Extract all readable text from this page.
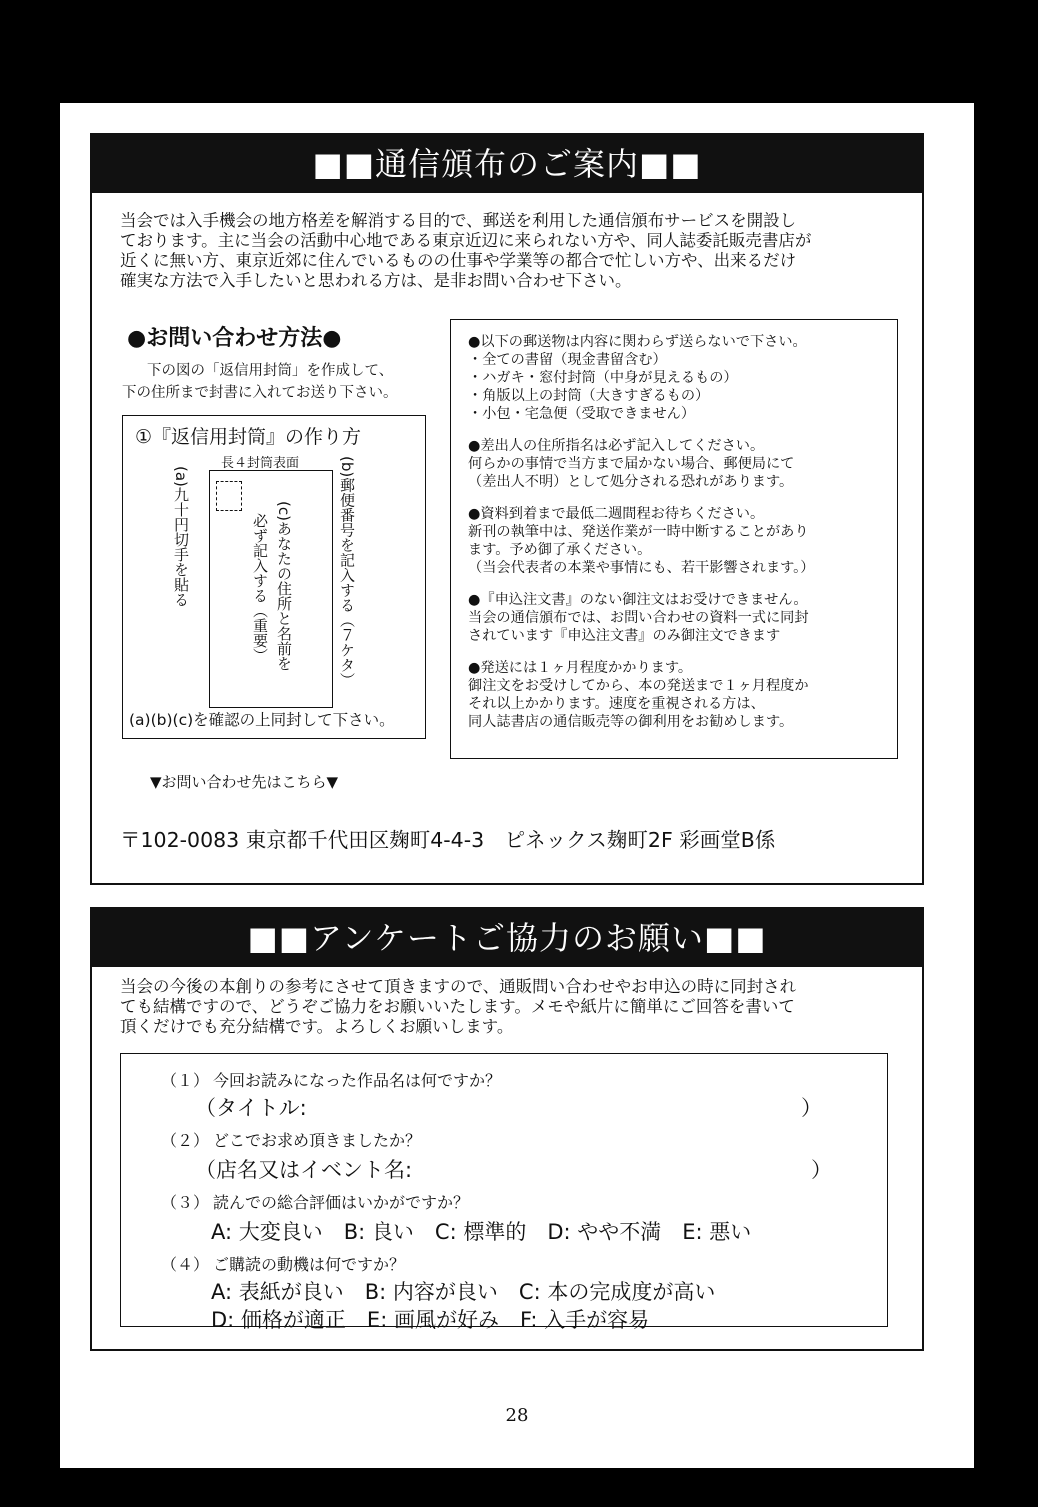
■■通信頒布のご案内■■
当会では入手機会の地方格差を解消する目的で、郵送を利用した通信頒布サービスを開設し
ております。主に当会の活動中心地である東京近辺に来られない方や、同人誌委託販売書店が
近くに無い方、東京近郊に住んでいるものの仕事や学業等の都合で忙しい方や、出来るだけ
確実な方法で入手したいと思われる方は、是非お問い合わせ下さい。
●お問い合わせ方法●
下の図の「返信用封筒」を作成して、
下の住所まで封書に入れてお送り下さい。
①『返信用封筒』の作り方
長４封筒表面
(c)あなたの住所と名前を
必ず記入する（重要）
(a)九十円切手を貼る	(b)郵便番号を記入する（７ケタ）
(a)(b)(c)を確認の上同封して下さい。
▼お問い合わせ先はこちら▼
●以下の郵送物は内容に関わらず送らないで下さい。
・全ての書留（現金書留含む）
・ハガキ・窓付封筒（中身が見えるもの）
・角版以上の封筒（大きすぎるもの）
・小包・宅急便（受取できません）
●差出人の住所指名は必ず記入してください。
何らかの事情で当方まで届かない場合、郵便局にて
（差出人不明）として処分される恐れがあります。
●資料到着まで最低二週間程お待ちください。
新刊の執筆中は、発送作業が一時中断することがあり
ます。予め御了承ください。
（当会代表者の本業や事情にも、若干影響されます。）
●『申込注文書』のない御注文はお受けできません。
当会の通信頒布では、お問い合わせの資料一式に同封
されています『申込注文書』のみ御注文できます
●発送には１ヶ月程度かかります。
御注文をお受けしてから、本の発送まで１ヶ月程度か
それ以上かかります。速度を重視される方は、
同人誌書店の通信販売等の御利用をお勧めします。
〒102-0083 東京都千代田区麹町4-4-3　ピネックス麹町2F 彩画堂B係
■■アンケートご協力のお願い■■
当会の今後の本創りの参考にさせて頂きますので、通販問い合わせやお申込の時に同封され
ても結構ですので、どうぞご協力をお願いいたします。メモや紙片に簡単にご回答を書いて
頂くだけでも充分結構です。よろしくお願いします。
（１） 今回お読みになった作品名は何ですか？
（タイトル:	）
（２） どこでお求め頂きましたか？
（店名又はイベント名:	）
（３） 読んでの総合評価はいかがですか？
A: 大変良い　B: 良い　C: 標準的　D: やや不満　E: 悪い
（４） ご購読の動機は何ですか？
A: 表紙が良い　B: 内容が良い　C: 本の完成度が高い
D: 価格が適正　E: 画風が好み　F: 入手が容易
28
